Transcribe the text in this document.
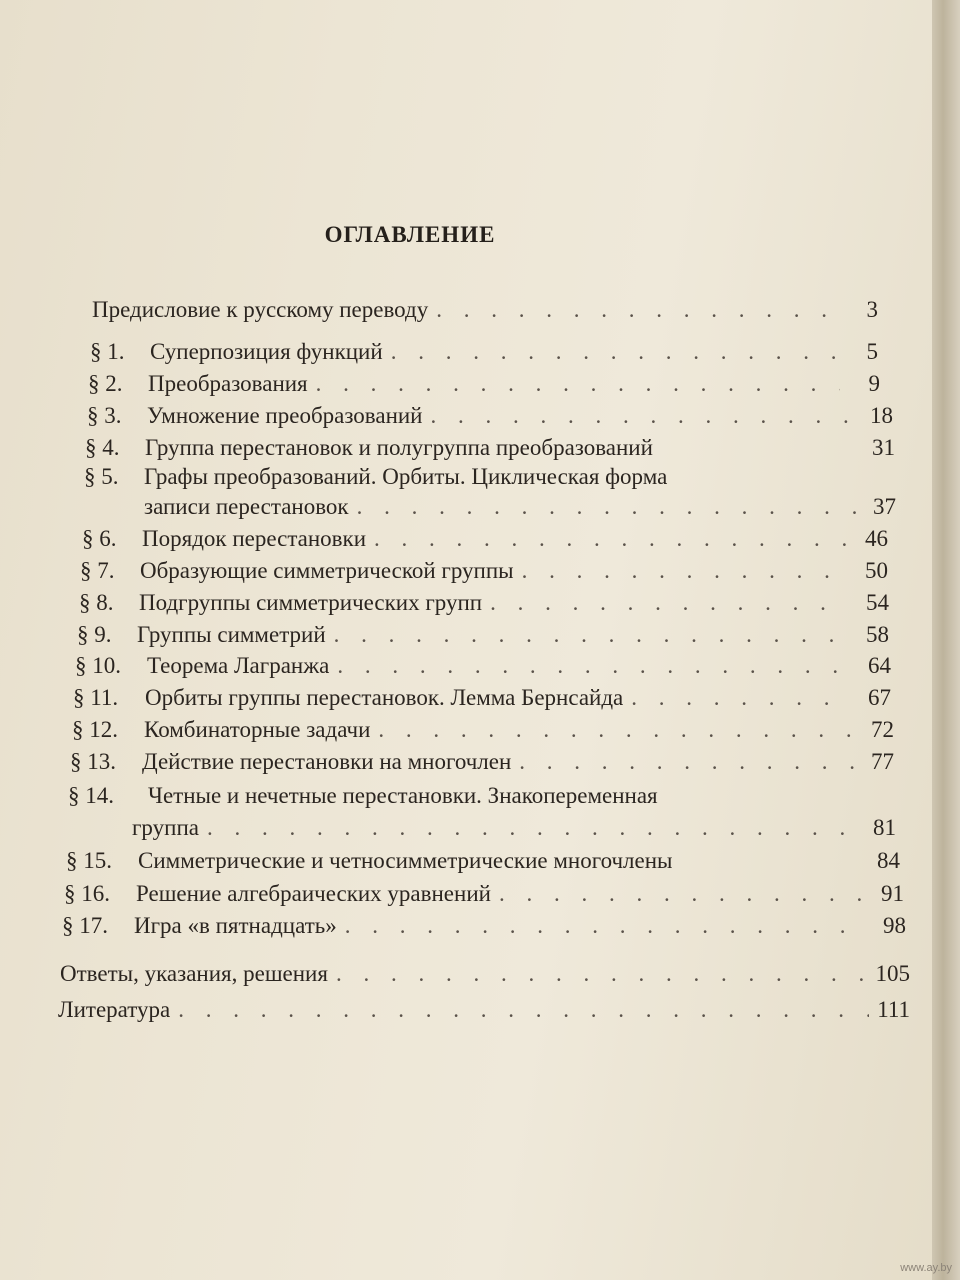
ОГЛАВЛЕНИЕ
Предисловие к русскому переводу . . .	3
§ 1.	Суперпозиция функций . . .	5
§ 2.	Преобразования . . .	9
§ 3.	Умножение преобразований . . .	18
§ 4.	Группа перестановок и полугруппа преобразований	31
§ 5.	Графы преобразований. Орбиты. Циклическая форма
записи перестановок . . .	37
§ 6.	Порядок перестановки . . .	46
§ 7.	Образующие симметрической группы . . .	50
§ 8.	Подгруппы симметрических групп . . .	54
§ 9.	Группы симметрий . . .	58
§ 10.	Теорема Лагранжа . . .	64
§ 11.	Орбиты группы перестановок. Лемма Бернсайда . . .	67
§ 12.	Комбинаторные задачи . . .	72
§ 13.	Действие перестановки на многочлен . . .	77
§ 14.	Четные и нечетные перестановки. Знакопеременная
группа . . .	81
§ 15.	Симметрические и четносимметрические многочлены	84
§ 16.	Решение алгебраических уравнений . . .	91
§ 17.	Игра «в пятнадцать» . . .	98
Ответы, указания, решения . . .	105
Литература . . .	111
www.ay.by
